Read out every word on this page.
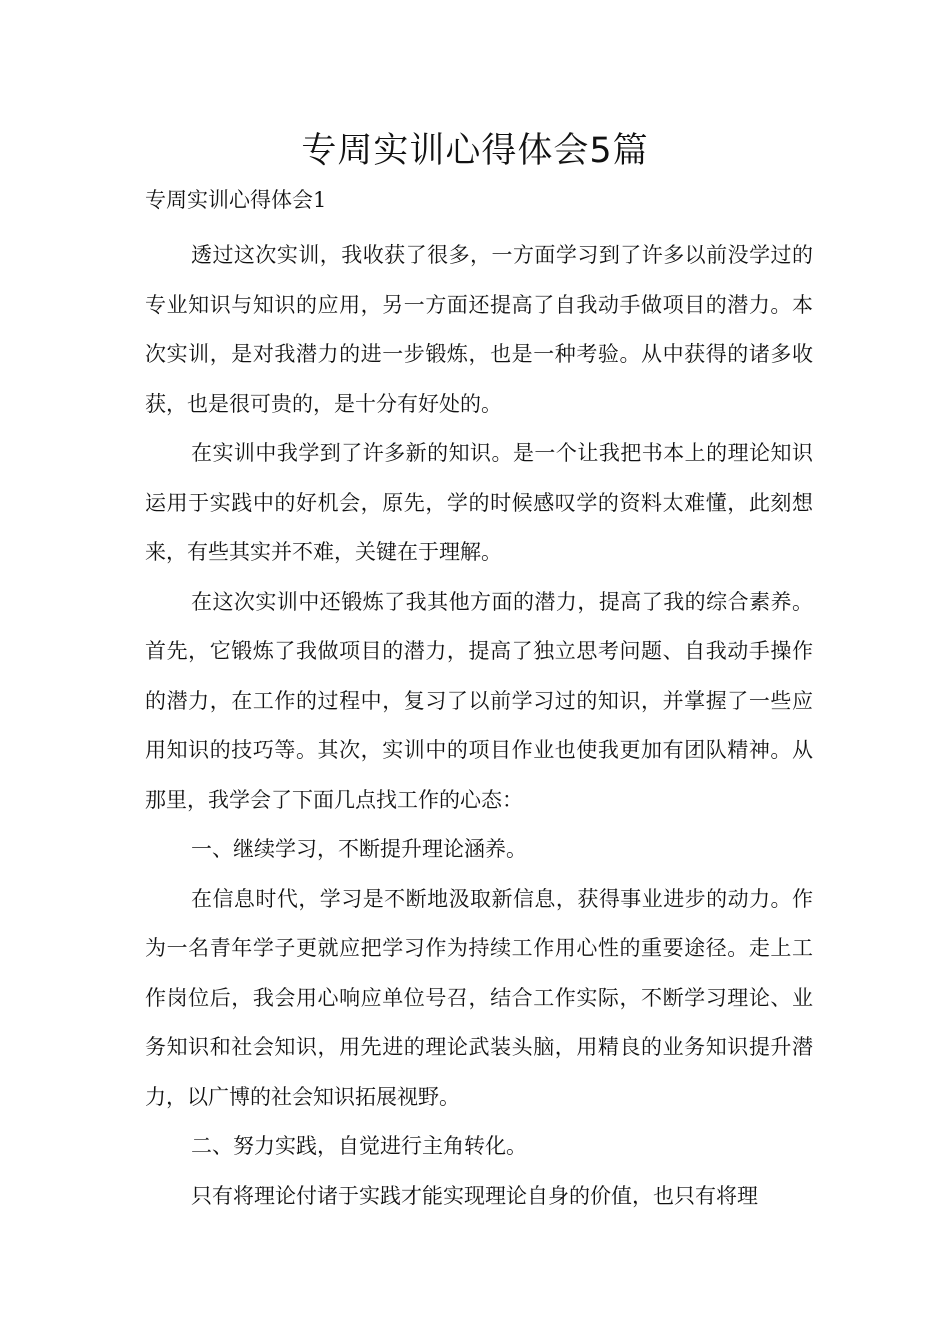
专周实训心得体会5篇
专周实训心得体会1

透过这次实训，我收获了很多，一方面学习到了许多以前没学过的专业知识与知识的应用，另一方面还提高了自我动手做项目的潜力。本次实训，是对我潜力的进一步锻炼，也是一种考验。从中获得的诸多收获，也是很可贵的，是十分有好处的。

在实训中我学到了许多新的知识。是一个让我把书本上的理论知识运用于实践中的好机会，原先，学的时候感叹学的资料太难懂，此刻想来，有些其实并不难，关键在于理解。

在这次实训中还锻炼了我其他方面的潜力，提高了我的综合素养。首先，它锻炼了我做项目的潜力，提高了独立思考问题、自我动手操作的潜力，在工作的过程中，复习了以前学习过的知识，并掌握了一些应用知识的技巧等。其次，实训中的项目作业也使我更加有团队精神。从那里，我学会了下面几点找工作的心态：

一、继续学习，不断提升理论涵养。

在信息时代，学习是不断地汲取新信息，获得事业进步的动力。作为一名青年学子更就应把学习作为持续工作用心性的重要途径。走上工作岗位后，我会用心响应单位号召，结合工作实际，不断学习理论、业务知识和社会知识，用先进的理论武装头脑，用精良的业务知识提升潜力，以广博的社会知识拓展视野。

二、努力实践，自觉进行主角转化。

只有将理论付诸于实践才能实现理论自身的价值，也只有将理
